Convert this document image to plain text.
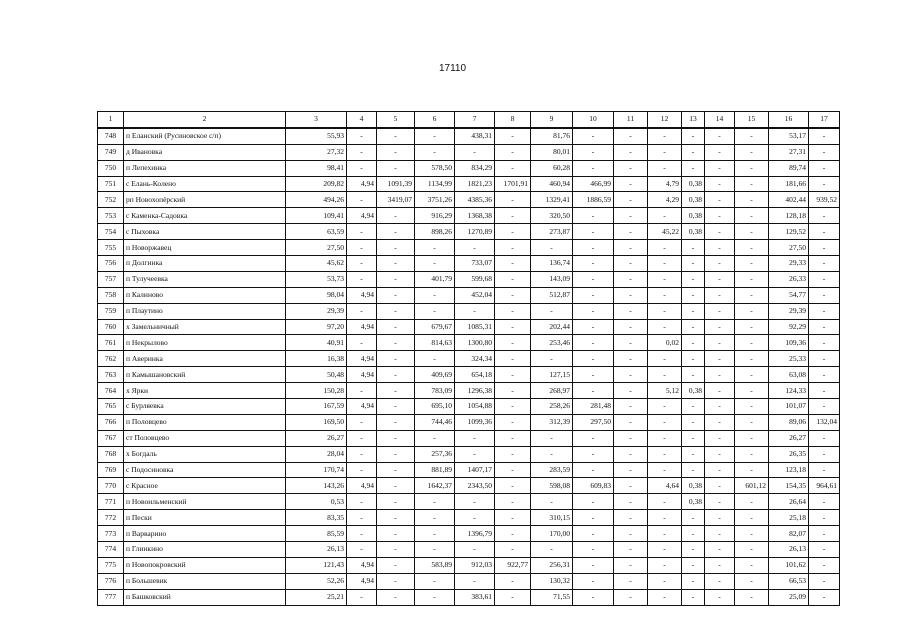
17110
1	2	3	4	5	6	7	8	9	10	11	12	13	14	15	16	17
748	п Еланский (Русиновское с/п)	55,93	-	-	-	438,31	-	81,76	-	-	-	-	-	-	53,17	-
749	д Ивановка	27,32	-	-	-	-	-	80,01	-	-	-	-	-	-	27,31	-
750	п Лепехинка	98,41	-	-	578,50	834,29	-	60,28	-	-	-	-	-	-	89,74	-
751	с Елань-Колено	209,82	4,94	1091,39	1134,99	1821,23	1701,91	460,94	466,99	-	4,79	0,38	-	-	181,66	-
752	рп Новохопёрский	494,26	-	3419,07	3751,26	4385,36	-	1329,41	1886,59	-	4,29	0,38	-	-	402,44	939,52
753	с Каменка-Садовка	109,41	4,94	-	916,29	1368,38	-	320,50	-	-	-	0,38	-	-	128,18	-
754	с Пыховка	63,59	-	-	898,26	1270,89	-	273,87	-	-	45,22	0,38	-	-	129,52	-
755	п Новоржавец	27,50	-	-	-	-	-	-	-	-	-	-	-	-	27,50	-
756	п Долгинка	45,62	-	-	-	733,07	-	136,74	-	-	-	-	-	-	29,33	-
757	п Тулучеевка	53,73	-	-	401,79	599,68	-	143,09	-	-	-	-	-	-	26,33	-
758	п Калиново	98,04	4,94	-	-	452,04	-	512,87	-	-	-	-	-	-	54,77	-
759	п Плаутино	29,39	-	-	-	-	-	-	-	-	-	-	-	-	29,39	-
760	х Замельничный	97,20	4,94	-	679,67	1085,31	-	202,44	-	-	-	-	-	-	92,29	-
761	п Некрылово	40,91	-	-	814,63	1300,80	-	253,46	-	-	0,02	-	-	-	109,36	-
762	п Аверинка	16,38	4,94	-	-	324,34	-	-	-	-	-	-	-	-	25,33	-
763	п Камышановский	50,48	4,94	-	409,69	654,18	-	127,15	-	-	-	-	-	-	63,08	-
764	х Ярки	150,28	-	-	783,09	1296,38	-	268,97	-	-	5,12	0,38	-	-	124,33	-
765	с Бурляевка	167,59	4,94	-	695,10	1054,88	-	258,26	281,48	-	-	-	-	-	101,07	-
766	п Половцево	169,50	-	-	744,46	1099,36	-	312,39	297,50	-	-	-	-	-	89,06	132,04
767	ст Половцево	26,27	-	-	-	-	-	-	-	-	-	-	-	-	26,27	-
768	х Богдаль	28,04	-	-	257,36	-	-	-	-	-	-	-	-	-	26,35	-
769	с Подосиновка	170,74	-	-	881,89	1407,17	-	283,59	-	-	-	-	-	-	123,18	-
770	с Красное	143,26	4,94	-	1642,37	2343,50	-	598,08	609,83	-	4,64	0,38	-	601,12	154,35	964,61
771	п Новоильменский	0,53	-	-	-	-	-	-	-	-	-	0,38	-	-	26,64	-
772	п Пески	83,35	-	-	-	-	-	310,15	-	-	-	-	-	-	25,18	-
773	п Варварино	85,59	-	-	-	1396,79	-	170,00	-	-	-	-	-	-	82,07	-
774	п Глинкино	26,13	-	-	-	-	-	-	-	-	-	-	-	-	26,13	-
775	п Новопокровский	121,43	4,94	-	583,89	912,03	922,77	256,31	-	-	-	-	-	-	101,62	-
776	п Большевик	52,26	4,94	-	-	-	-	130,32	-	-	-	-	-	-	66,53	-
777	п Башковский	25,21	-	-	-	383,61	-	71,55	-	-	-	-	-	-	25,09	-
